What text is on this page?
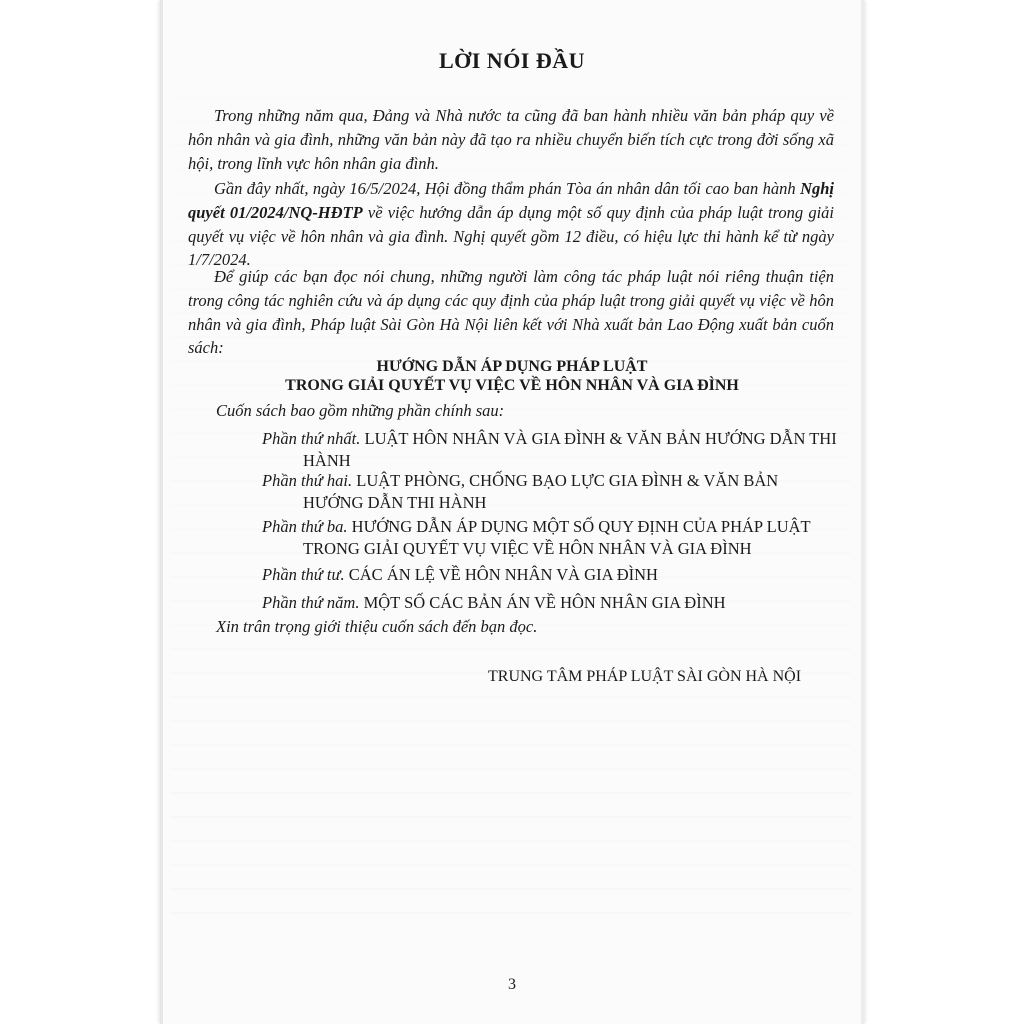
LỜI NÓI ĐẦU
Trong những năm qua, Đảng và Nhà nước ta cũng đã ban hành nhiều văn bản pháp quy về hôn nhân và gia đình, những văn bản này đã tạo ra nhiều chuyển biến tích cực trong đời sống xã hội, trong lĩnh vực hôn nhân gia đình.
Gần đây nhất, ngày 16/5/2024, Hội đồng thẩm phán Tòa án nhân dân tối cao ban hành Nghị quyết 01/2024/NQ-HĐTP về việc hướng dẫn áp dụng một số quy định của pháp luật trong giải quyết vụ việc về hôn nhân và gia đình. Nghị quyết gồm 12 điều, có hiệu lực thi hành kể từ ngày 1/7/2024.
Để giúp các bạn đọc nói chung, những người làm công tác pháp luật nói riêng thuận tiện trong công tác nghiên cứu và áp dụng các quy định của pháp luật trong giải quyết vụ việc về hôn nhân và gia đình, Pháp luật Sài Gòn Hà Nội liên kết với Nhà xuất bản Lao Động xuất bản cuốn sách:
HƯỚNG DẪN ÁP DỤNG PHÁP LUẬT
TRONG GIẢI QUYẾT VỤ VIỆC VỀ HÔN NHÂN VÀ GIA ĐÌNH
Cuốn sách bao gồm những phần chính sau:
Phần thứ nhất. LUẬT HÔN NHÂN VÀ GIA ĐÌNH & VĂN BẢN HƯỚNG DẪN THI
HÀNH
Phần thứ hai. LUẬT PHÒNG, CHỐNG BẠO LỰC GIA ĐÌNH & VĂN BẢN
HƯỚNG DẪN THI HÀNH
Phần thứ ba. HƯỚNG DẪN ÁP DỤNG MỘT SỐ QUY ĐỊNH CỦA PHÁP LUẬT
TRONG GIẢI QUYẾT VỤ VIỆC VỀ HÔN NHÂN VÀ GIA ĐÌNH
Phần thứ tư. CÁC ÁN LỆ VỀ HÔN NHÂN VÀ GIA ĐÌNH
Phần thứ năm. MỘT SỐ CÁC BẢN ÁN VỀ HÔN NHÂN GIA ĐÌNH
Xin trân trọng giới thiệu cuốn sách đến bạn đọc.
TRUNG TÂM PHÁP LUẬT SÀI GÒN HÀ NỘI
3
